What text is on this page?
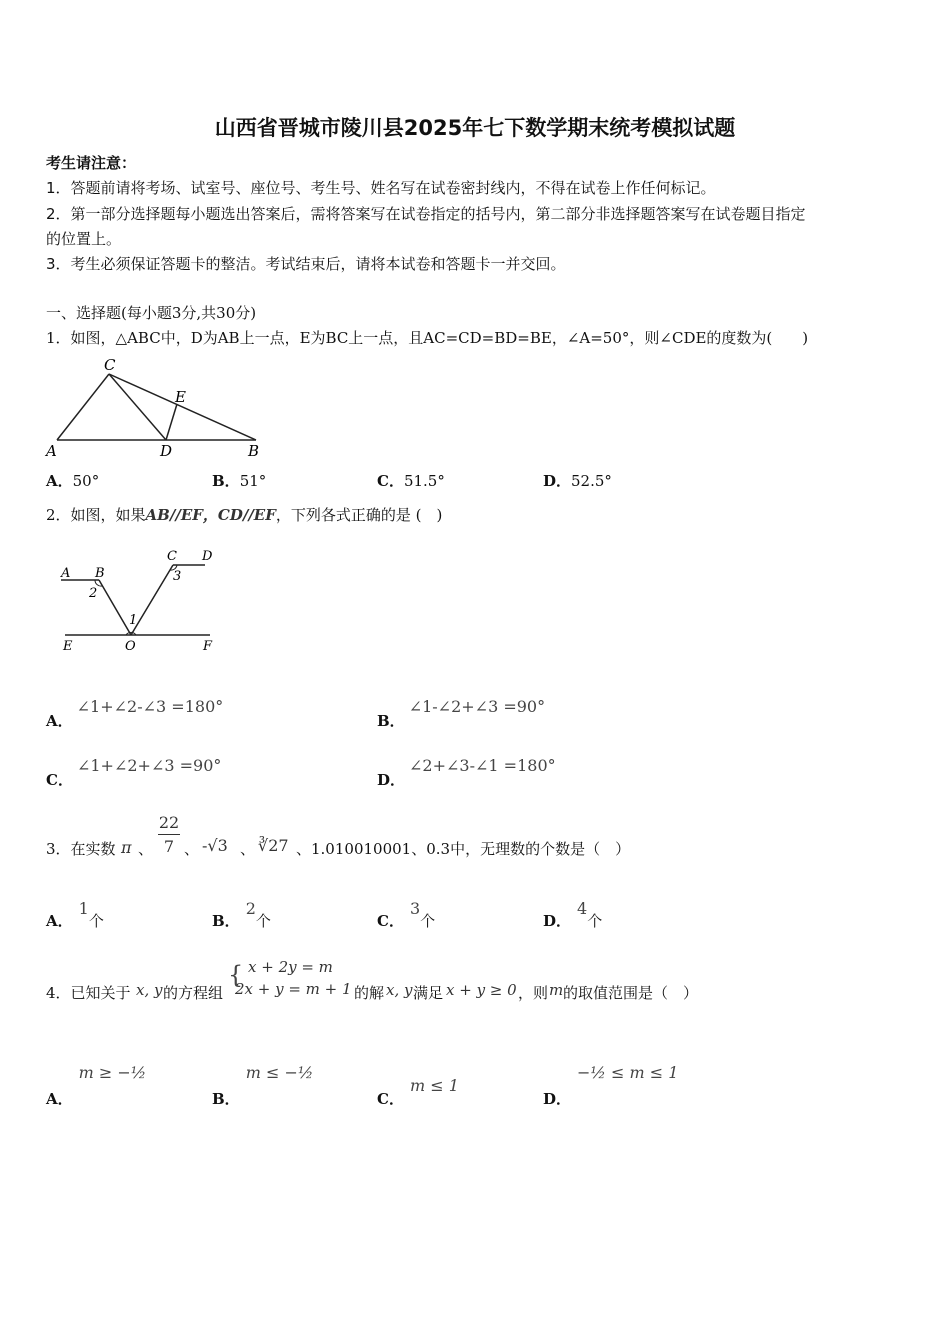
山西省晋城市陵川县2025年七下数学期末统考模拟试题
考生请注意：
1．答题前请将考场、试室号、座位号、考生号、姓名写在试卷密封线内，不得在试卷上作任何标记。
2．第一部分选择题每小题选出答案后，需将答案写在试卷指定的括号内，第二部分非选择题答案写在试卷题目指定
的位置上。
3．考生必须保证答题卡的整洁。考试结束后，请将本试卷和答题卡一并交回。
一、选择题(每小题3分,共30分)
1．如图，△ABC中，D为AB上一点，E为BC上一点，且AC=CD=BD=BE，∠A=50°，则∠CDE的度数为(　　)
C
E
A	D	B
A．50°	B．51°	C．51.5°	D．52.5°
2．如图，如果AB//EF，CD//EF，下列各式正确的是 (　)
A B
2
C D
3
1
E	O	F
A．∠1+∠2-∠3 =180°
B．∠1-∠2+∠3 =90°
C．∠1+∠2+∠3 =90°
D．∠2+∠3-∠1 =180°
3．在实数 π 、
22
7 、 -√3 、 ∛27 、1.010010001、0.3中，无理数的个数是（　）
A．1个	B．2个	C．3个	D．4个
4．已知关于 x, y 的方程组
{ x + 2y = m
2x + y = m + 1 的解 x, y 满足 x + y ≥ 0 ，则 m 的取值范围是（　）
A．m ≥ −½
B．m ≤ −½
C．m ≤ 1
D．−½ ≤ m ≤ 1
